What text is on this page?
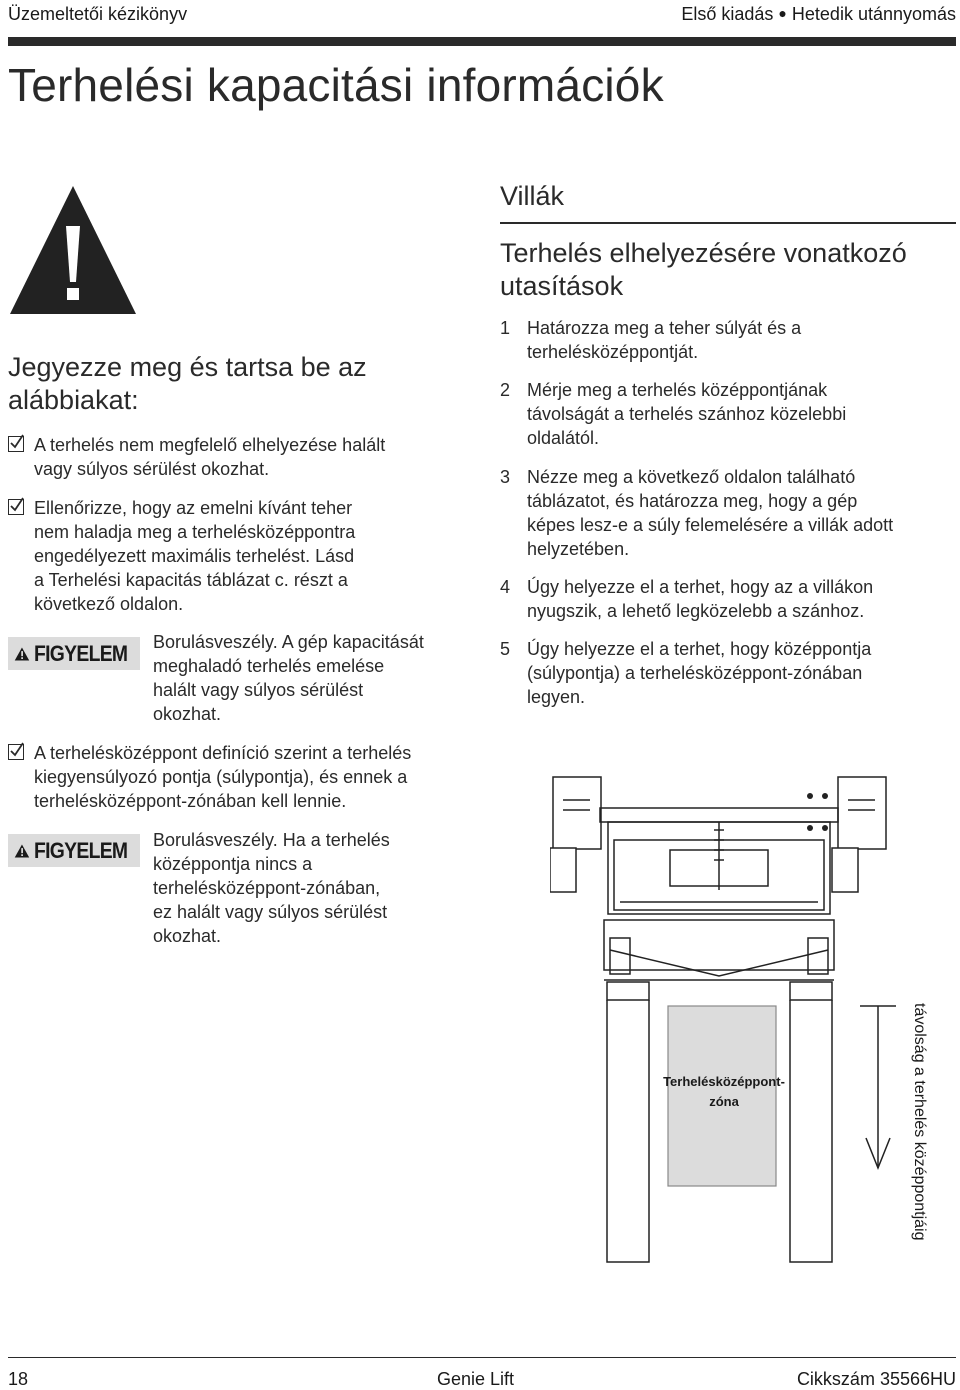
Üzemeltetői kézikönyv	Első kiadás ● Hetedik utánnyomás
Terhelési kapacitási információk
Jegyezze meg és tartsa be az alábbiakat:
A terhelés nem megfelelő elhelyezése halált
vagy súlyos sérülést okozhat.
Ellenőrizze, hogy az emelni kívánt teher
nem haladja meg a terhelésközéppontra
engedélyezett maximális terhelést. Lásd
a Terhelési kapacitás táblázat c. részt a
következő oldalon.
FIGYELEM Borulásveszély. A gép kapacitását
meghaladó terhelés emelése
halált vagy súlyos sérülést
okozhat.
A terhelésközéppont definíció szerint a terhelés
kiegyensúlyozó pontja (súlypontja), és ennek a
terhelésközéppont-zónában kell lennie.
FIGYELEM Borulásveszély. Ha a terhelés
középpontja nincs a
terhelésközéppont-zónában,
ez halált vagy súlyos sérülést
okozhat.
Villák
Terhelés elhelyezésére vonatkozó utasítások
1 Határozza meg a teher súlyát és a
terhelésközéppontját.
2 Mérje meg a terhelés középpontjának
távolságát a terhelés szánhoz közelebbi
oldalától.
3 Nézze meg a következő oldalon található
táblázatot, és határozza meg, hogy a gép
képes lesz-e a súly felemelésére a villák adott
helyzetében.
4 Úgy helyezze el a terhet, hogy az a villákon
nyugszik, a lehető legközelebb a szánhoz.
5 Úgy helyezze el a terhet, hogy középpontja
(súlypontja) a terhelésközéppont-zónában
legyen.
Terhelésközéppont-
zóna	távolság a terhelés középpontjáig
18	Genie Lift	Cikkszám 35566HU
